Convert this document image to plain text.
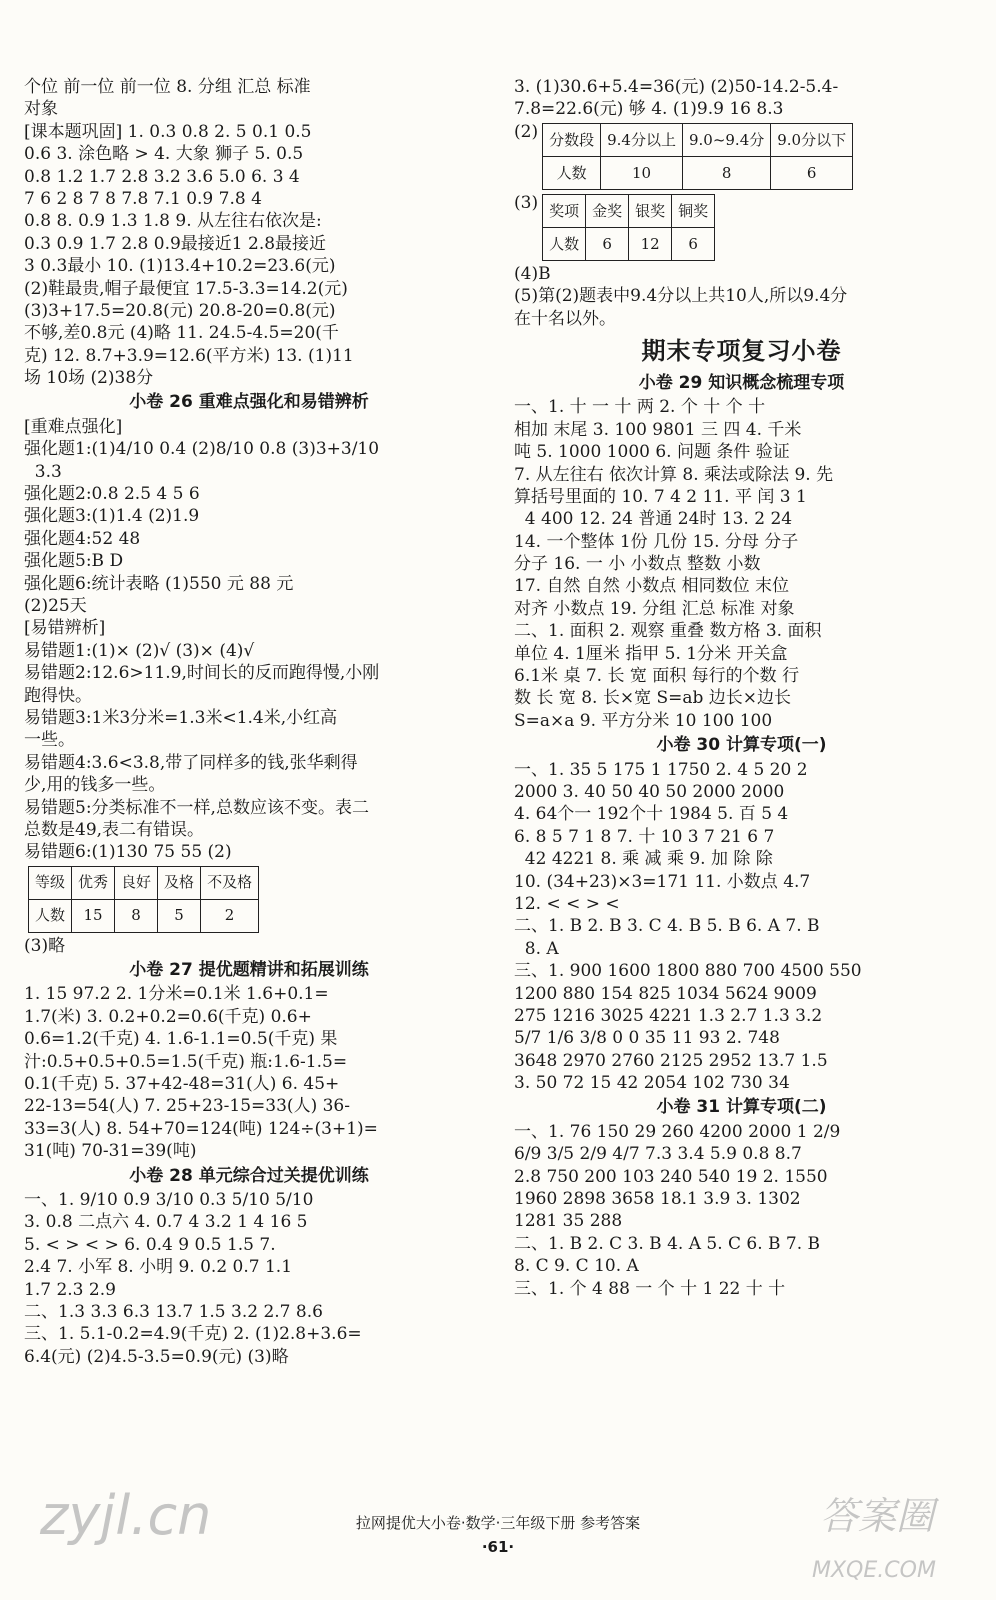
个位 前一位 前一位 8. 分组 汇总 标准
对象
[课本题巩固] 1. 0.3 0.8 2. 5 0.1 0.5
0.6 3. 涂色略 > 4. 大象 狮子 5. 0.5
0.8 1.2 1.7 2.8 3.2 3.6 5.0 6. 3 4
7 6 2 8 7 8 7.8 7.1 0.9 7.8 4
0.8 8. 0.9 1.3 1.8 9. 从左往右依次是:
0.3 0.9 1.7 2.8 0.9最接近1 2.8最接近
3 0.3最小 10. (1)13.4+10.2=23.6(元)
(2)鞋最贵,帽子最便宜 17.5-3.3=14.2(元)
(3)3+17.5=20.8(元) 20.8-20=0.8(元)
不够,差0.8元 (4)略 11. 24.5-4.5=20(千
克) 12. 8.7+3.9=12.6(平方米) 13. (1)11
场 10场 (2)38分
小卷 26 重难点强化和易错辨析
[重难点强化]
强化题1:(1)4/10 0.4 (2)8/10 0.8 (3)3+3/10
3.3
强化题2:0.8 2.5 4 5 6
强化题3:(1)1.4 (2)1.9
强化题4:52 48
强化题5:B D
强化题6:统计表略 (1)550 元 88 元
(2)25天
[易错辨析]
易错题1:(1)× (2)√ (3)× (4)√
易错题2:12.6>11.9,时间长的反而跑得慢,小刚
跑得快。
易错题3:1米3分米=1.3米<1.4米,小红高
一些。
易错题4:3.6<3.8,带了同样多的钱,张华剩得
少,用的钱多一些。
易错题5:分类标准不一样,总数应该不变。表二
总数是49,表二有错误。
易错题6:(1)130 75 55 (2)
等级	优秀	良好	及格	不及格
人数	15	8	5	2
(3)略
小卷 27 提优题精讲和拓展训练
1. 15 97.2 2. 1分米=0.1米 1.6+0.1=
1.7(米) 3. 0.2+0.2=0.6(千克) 0.6+
0.6=1.2(千克) 4. 1.6-1.1=0.5(千克) 果
汁:0.5+0.5+0.5=1.5(千克) 瓶:1.6-1.5=
0.1(千克) 5. 37+42-48=31(人) 6. 45+
22-13=54(人) 7. 25+23-15=33(人) 36-
33=3(人) 8. 54+70=124(吨) 124÷(3+1)=
31(吨) 70-31=39(吨)
小卷 28 单元综合过关提优训练
一、1. 9/10 0.9 3/10 0.3 5/10 5/10
3. 0.8 二点六 4. 0.7 4 3.2 1 4 16 5
5. < > < > 6. 0.4 9 0.5 1.5 7.
2.4 7. 小军 8. 小明 9. 0.2 0.7 1.1
1.7 2.3 2.9
二、1.3 3.3 6.3 13.7 1.5 3.2 2.7 8.6
三、1. 5.1-0.2=4.9(千克) 2. (1)2.8+3.6=
6.4(元) (2)4.5-3.5=0.9(元) (3)略
3. (1)30.6+5.4=36(元) (2)50-14.2-5.4-
7.8=22.6(元) 够 4. (1)9.9 16 8.3
(2) 分数段	9.4分以上	9.0~9.4分	9.0分以下
人数	10	8	6
(3) 奖项	金奖	银奖	铜奖
人数	6	12	6
(4)B
(5)第(2)题表中9.4分以上共10人,所以9.4分
在十名以外。
期末专项复习小卷
小卷 29 知识概念梳理专项
一、1. 十 一 十 两 2. 个 十 个 十
相加 末尾 3. 100 9801 三 四 4. 千米
吨 5. 1000 1000 6. 问题 条件 验证
7. 从左往右 依次计算 8. 乘法或除法 9. 先
算括号里面的 10. 7 4 2 11. 平 闰 3 1
4 400 12. 24 普通 24时 13. 2 24
14. 一个整体 1份 几份 15. 分母 分子
分子 16. 一 小 小数点 整数 小数
17. 自然 自然 小数点 相同数位 末位
对齐 小数点 19. 分组 汇总 标准 对象
二、1. 面积 2. 观察 重叠 数方格 3. 面积
单位 4. 1厘米 指甲 5. 1分米 开关盒
6.1米 桌 7. 长 宽 面积 每行的个数 行
数 长 宽 8. 长×宽 S=ab 边长×边长
S=a×a 9. 平方分米 10 100 100
小卷 30 计算专项(一)
一、1. 35 5 175 1 1750 2. 4 5 20 2
2000 3. 40 50 40 50 2000 2000
4. 64个一 192个十 1984 5. 百 5 4
6. 8 5 7 1 8 7. 十 10 3 7 21 6 7
42 4221 8. 乘 减 乘 9. 加 除 除
10. (34+23)×3=171 11. 小数点 4.7
12. < < > <
二、1. B 2. B 3. C 4. B 5. B 6. A 7. B
8. A
三、1. 900 1600 1800 880 700 4500 550
1200 880 154 825 1034 5624 9009
275 1216 3025 4221 1.3 2.7 1.3 3.2
5/7 1/6 3/8 0 0 35 11 93 2. 748
3648 2970 2760 2125 2952 13.7 1.5
3. 50 72 15 42 2054 102 730 34
小卷 31 计算专项(二)
一、1. 76 150 29 260 4200 2000 1 2/9
6/9 3/5 2/9 4/7 7.3 3.4 5.9 0.8 8.7
2.8 750 200 103 240 540 19 2. 1550
1960 2898 3658 18.1 3.9 3. 1302
1281 35 288
二、1. B 2. C 3. B 4. A 5. C 6. B 7. B
8. C 9. C 10. A
三、1. 个 4 88 一 个 十 1 22 十 十
拉网提优大小卷·数学·三年级下册 参考答案
·61·
zyjl.cn	答案圈
MXQE.COM
